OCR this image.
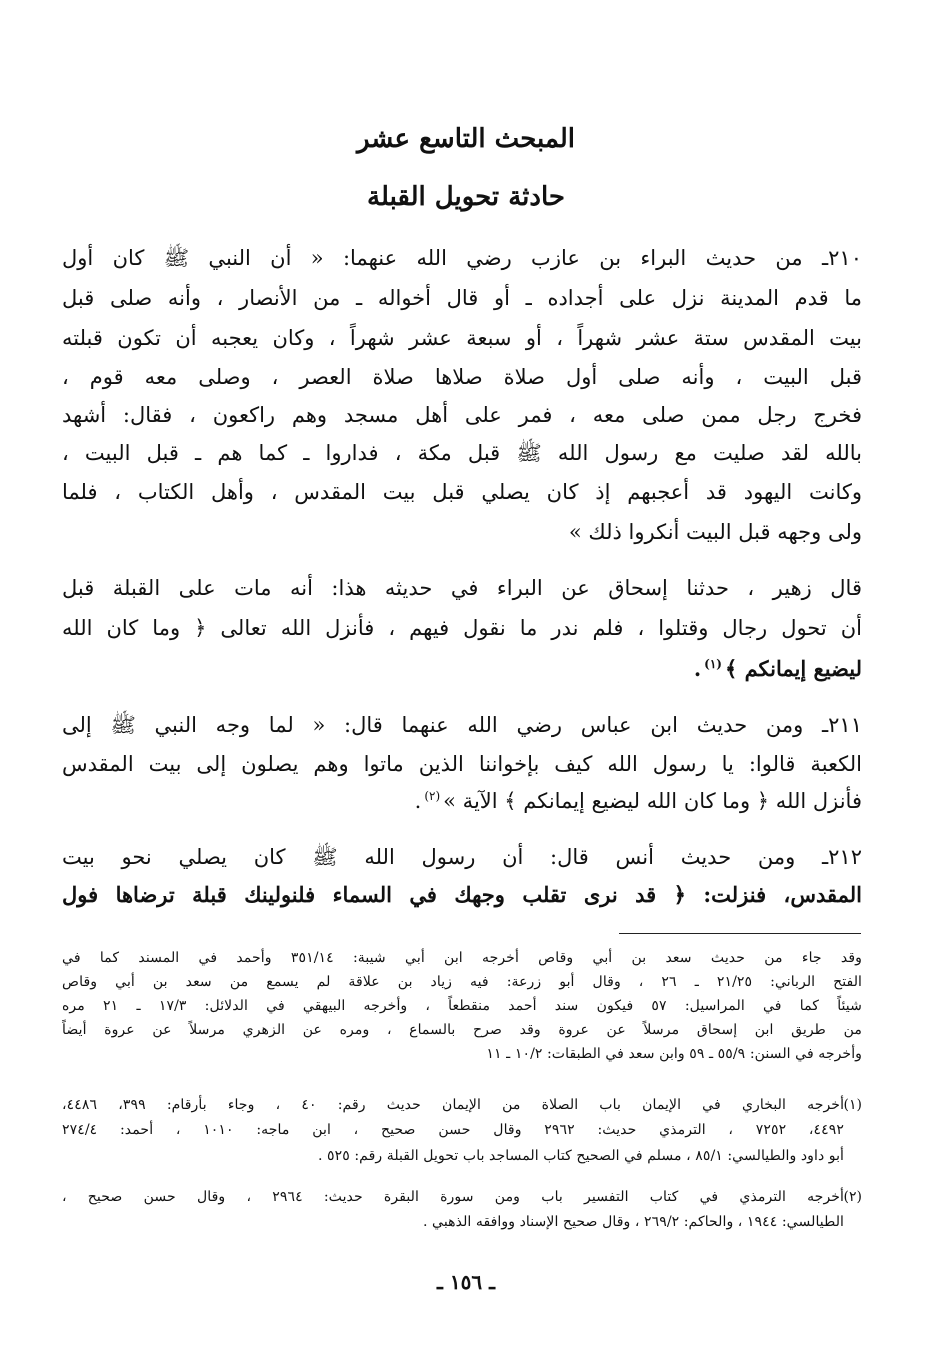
المبحث التاسع عشر
حادثة تحويل القبلة
٢١٠ـ من حديث البراء بن عازب رضي الله عنهما: « أن النبي ﷺ كان أول
ما قدم المدينة نزل على أجداده ـ أو قال أخواله ـ من الأنصار ، وأنه صلى قبل
بيت المقدس ستة عشر شهراً ، أو سبعة عشر شهراً ، وكان يعجبه أن تكون قبلته
قبل البيت ، وأنه صلى أول صلاة صلاها صلاة العصر ، وصلى معه قوم ،
فخرج رجل ممن صلى معه ، فمر على أهل مسجد وهم راكعون ، فقال: أشهد
بالله لقد صليت مع رسول الله ﷺ قبل مكة ، فداروا ـ كما هم ـ قبل البيت ،
وكانت اليهود قد أعجبهم إذ كان يصلي قبل بيت المقدس ، وأهل الكتاب ، فلما
ولى وجهه قبل البيت أنكروا ذلك »
قال زهير ، حدثنا إسحاق عن البراء في حديثه هذا: أنه مات على القبلة قبل
أن تحول رجال وقتلوا ، فلم ندر ما نقول فيهم ، فأنزل الله تعالى ﴿ وما كان الله
ليضيع إيمانكم ﴾$^{(١)}$.
٢١١ـ ومن حديث ابن عباس رضي الله عنهما قال: « لما وجه النبي ﷺ إلى
الكعبة قالوا: يا رسول الله كيف بإخواننا الذين ماتوا وهم يصلون إلى بيت المقدس
فأنزل الله ﴿ وما كان الله ليضيع إيمانكم ﴾ الآية »$^{(٢)}$.
٢١٢ـ ومن حديث أنس قال: أن رسول الله ﷺ كان يصلي نحو بيت
المقدس، فنزلت: ﴿ قد نرى تقلب وجهك في السماء فلنولينك قبلة ترضاها فول
وقد جاء من حديث سعد بن أبي وقاص أخرجه ابن أبي شيبة: ٣٥١/١٤ وأحمد في المسند كما في
الفتح الرباني: ٢١/٢٥ ـ ٢٦ ، وقال أبو زرعة: فيه زياد بن علاقة لم يسمع من سعد بن أبي وقاص
شيئاً كما في المراسيل: ٥٧ فيكون سند أحمد منقطعاً ، وأخرجه البيهقي في الدلائل: ١٧/٣ ـ ٢١ مره
من طريق ابن إسحاق مرسلاً عن عروة وقد صرح بالسماع ، ومره عن الزهري مرسلاً عن عروة أيضاً
وأخرجه في السنن: ٥٥/٩ ـ ٥٩ وابن سعد في الطبقات: ١٠/٢ ـ ١١
(١)
أخرجه البخاري في الإيمان باب الصلاة من الإيمان حديث رقم: ٤٠ ، وجاء بأرقام: ٣٩٩، ٤٤٨٦،
٤٤٩٢، ٧٢٥٢ ، الترمذي حديث: ٢٩٦٢ وقال حسن صحيح ، ابن ماجه: ١٠١٠ ، أحمد: ٢٧٤/٤
أبو داود والطيالسي: ٨٥/١ ، مسلم في الصحيح كتاب المساجد باب تحويل القبلة رقم: ٥٢٥ .
(٢)
أخرجه الترمذي في كتاب التفسير باب ومن سورة البقرة حديث: ٢٩٦٤ ، وقال حسن صحيح ،
الطيالسي: ١٩٤٤ ، والحاكم: ٢٦٩/٢ ، وقال صحيح الإسناد ووافقه الذهبي .
ـ ١٥٦ ـ
